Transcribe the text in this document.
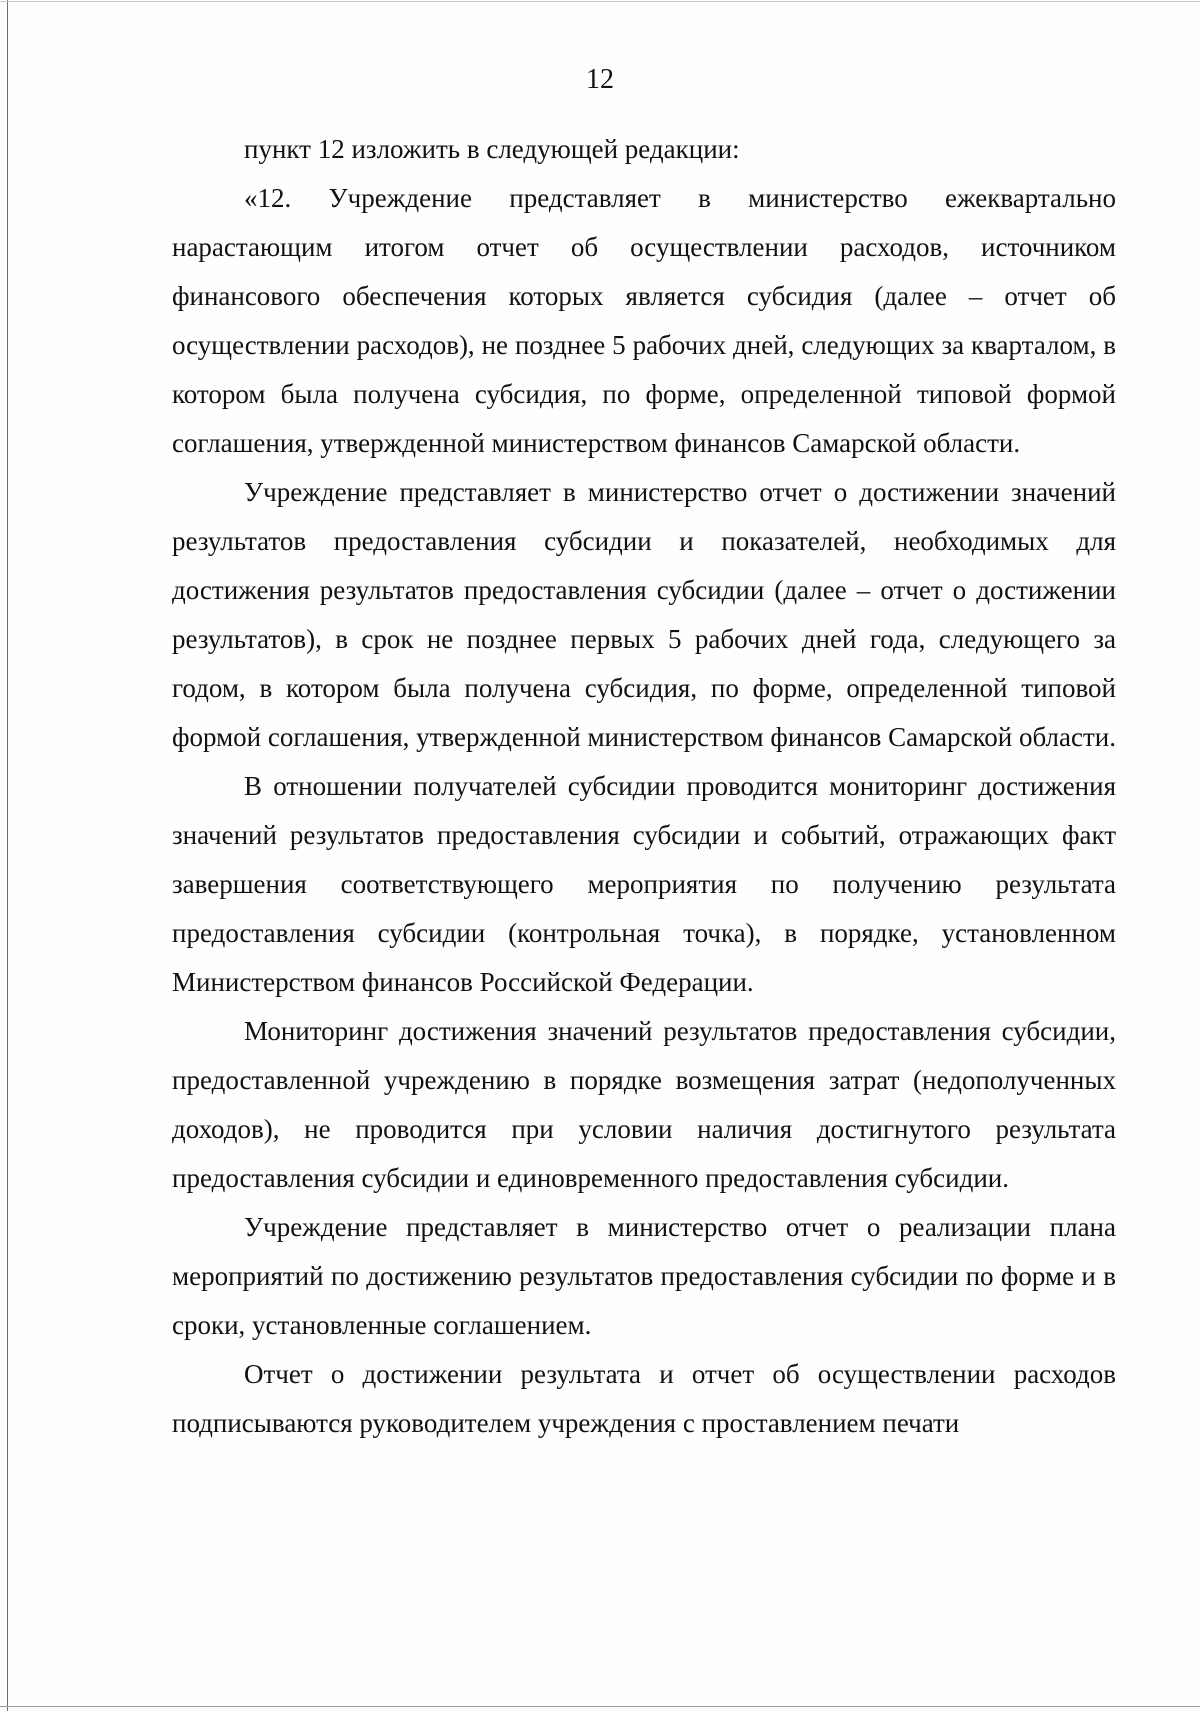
12

пункт 12 изложить в следующей редакции:

«12. Учреждение представляет в министерство ежеквартально нарастающим итогом отчет об осуществлении расходов, источником финансового обеспечения которых является субсидия (далее – отчет об осуществлении расходов), не позднее 5 рабочих дней, следующих за кварталом, в котором была получена субсидия, по форме, определенной типовой формой соглашения, утвержденной министерством финансов Самарской области.

Учреждение представляет в министерство отчет о достижении значений результатов предоставления субсидии и показателей, необходимых для достижения результатов предоставления субсидии (далее – отчет о достижении результатов), в срок не позднее первых 5 рабочих дней года, следующего за годом, в котором была получена субсидия, по форме, определенной типовой формой соглашения, утвержденной министерством финансов Самарской области.

В отношении получателей субсидии проводится мониторинг достижения значений результатов предоставления субсидии и событий, отражающих факт завершения соответствующего мероприятия по получению результата предоставления субсидии (контрольная точка), в порядке, установленном Министерством финансов Российской Федерации.

Мониторинг достижения значений результатов предоставления субсидии, предоставленной учреждению в порядке возмещения затрат (недополученных доходов), не проводится при условии наличия достигнутого результата предоставления субсидии и единовременного предоставления субсидии.

Учреждение представляет в министерство отчет о реализации плана мероприятий по достижению результатов предоставления субсидии по форме и в сроки, установленные соглашением.

Отчет о достижении результата и отчет об осуществлении расходов подписываются руководителем учреждения с проставлением печати
